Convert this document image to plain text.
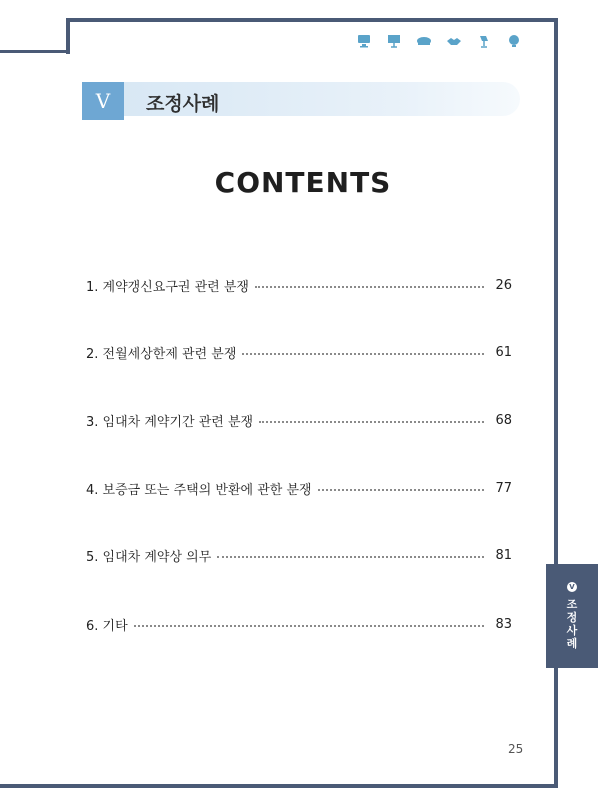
V	조정사례
CONTENTS
1. 계약갱신요구권 관련 분쟁	26
2. 전월세상한제 관련 분쟁	61
3. 임대차 계약기간 관련 분쟁	68
4. 보증금 또는 주택의 반환에 관한 분쟁	77
5. 임대차 계약상 의무	81
6. 기타	83
V
조정사례
25
